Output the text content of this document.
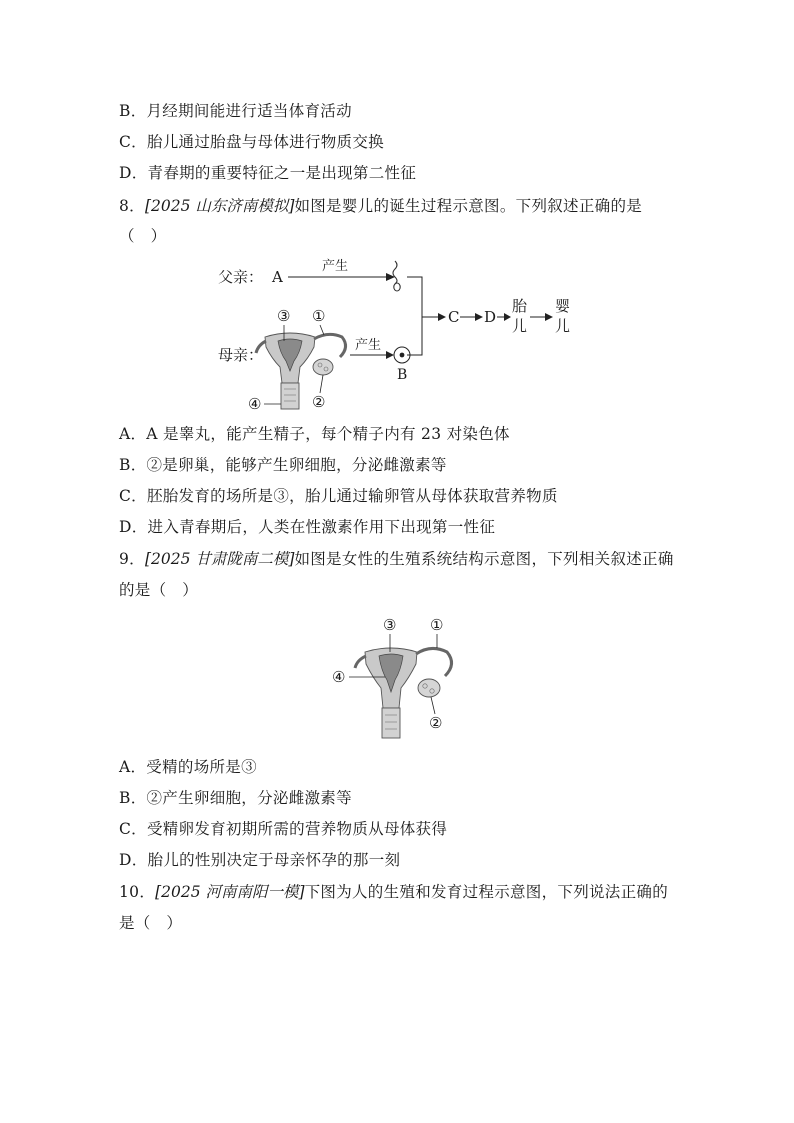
B．月经期间能进行适当体育活动
C．胎儿通过胎盘与母体进行物质交换
D．青春期的重要特征之一是出现第二性征
8．[2025 山东济南模拟]如图是婴儿的诞生过程示意图。下列叙述正确的是
（　）
父亲： A
产生
C D
胎
儿
婴
儿
母亲：
③ ①
②
④
产生
B
A．A 是睾丸，能产生精子，每个精子内有 23 对染色体
B．②是卵巢，能够产生卵细胞，分泌雌激素等
C．胚胎发育的场所是③，胎儿通过输卵管从母体获取营养物质
D．进入青春期后，人类在性激素作用下出现第一性征
9．[2025 甘肃陇南二模]如图是女性的生殖系统结构示意图，下列相关叙述正确
的是（　）
③ ①
④
②
A．受精的场所是③
B．②产生卵细胞，分泌雌激素等
C．受精卵发育初期所需的营养物质从母体获得
D．胎儿的性别决定于母亲怀孕的那一刻
10．[2025 河南南阳一模]下图为人的生殖和发育过程示意图，下列说法正确的
是（　）
